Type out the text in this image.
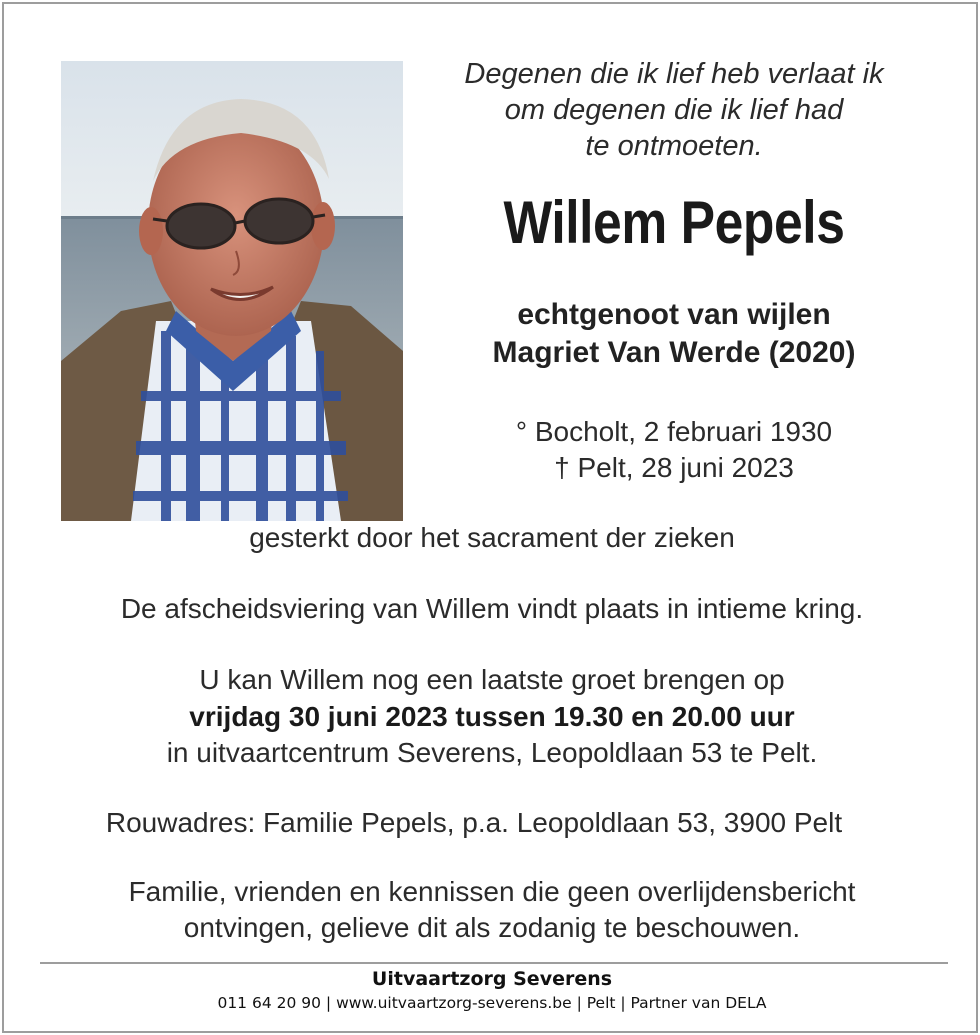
Degenen die ik lief heb verlaat ik
om degenen die ik lief had
te ontmoeten.
Willem Pepels
echtgenoot van wijlen
Magriet Van Werde (2020)
° Bocholt, 2 februari 1930
† Pelt, 28 juni 2023
gesterkt door het sacrament der zieken
De afscheidsviering van Willem vindt plaats in intieme kring.
U kan Willem nog een laatste groet brengen op
vrijdag 30 juni 2023 tussen 19.30 en 20.00 uur
in uitvaartcentrum Severens, Leopoldlaan 53 te Pelt.
Rouwadres: Familie Pepels, p.a. Leopoldlaan 53, 3900 Pelt
Familie, vrienden en kennissen die geen overlijdensbericht
ontvingen, gelieve dit als zodanig te beschouwen.
Uitvaartzorg Severens
011 64 20 90 | www.uitvaartzorg-severens.be | Pelt | Partner van DELA
